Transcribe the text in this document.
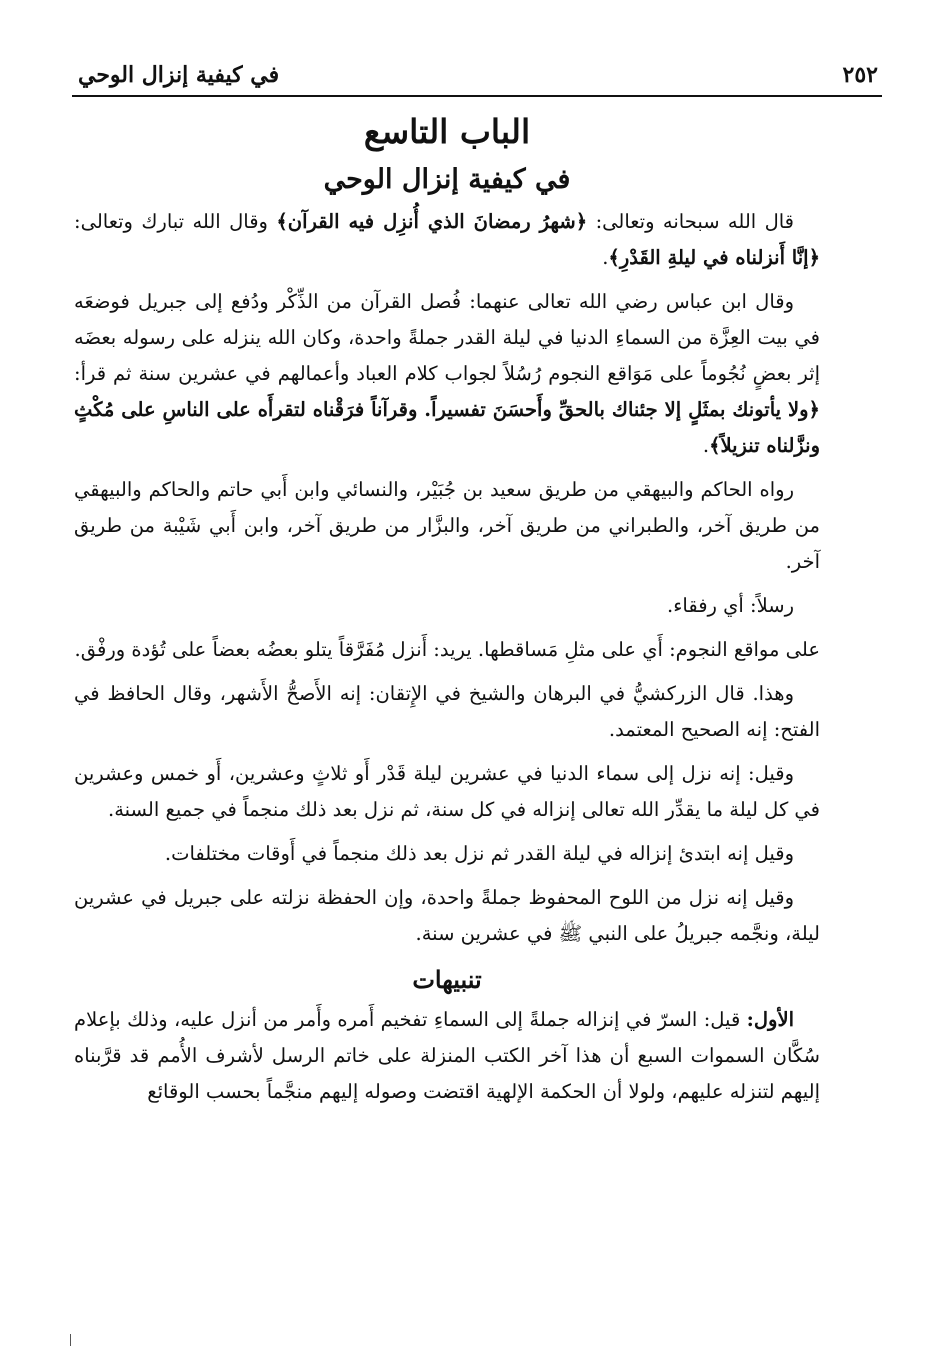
٢٥٢
في كيفية إنزال الوحي
الباب التاسع
في كيفية إنزال الوحي

قال الله سبحانه وتعالى: ﴿شهرُ رمضانَ الذي أُنزِل فيه القرآن﴾ وقال الله تبارك وتعالى: ﴿إنَّا أَنزلناه في ليلةِ القَدْرِ﴾.

وقال ابن عباس رضي الله تعالى عنهما: فُصل القرآن من الذِّكْر ودُفع إلى جبريل فوضعَه في بيت العِزَّة من السماءِ الدنيا في ليلة القدر جملةً واحدة، وكان الله ينزله على رسوله بعضَه إثر بعضٍ نُجُوماً على مَوَاقع النجوم رُسُلاً لجواب كلام العباد وأعمالهم في عشرين سنة ثم قرأ: ﴿ولا يأتونك بمثَلٍ إلا جئناك بالحقِّ وأَحسَنَ تفسيراً. وقرآناً فرَقْناه لتقرأَه على الناسِ على مُكْثٍ ونزَّلناه تنزيلاً﴾.

رواه الحاكم والبيهقي من طريق سعيد بن جُبَيْر، والنسائي وابن أَبي حاتم والحاكم والبيهقي من طريق آخر، والطبراني من طريق آخر، والبزَّار من طريق آخر، وابن أَبي شَيْبة من طريق آخر.

رسلاً: أي رفقاء.

على مواقع النجوم: أَي على مثلِ مَساقطها. يريد: أَنزل مُفَرَّقاً يتلو بعضُه بعضاً على تُؤدة ورفْق.

وهذا. قال الزركشيُّ في البرهان والشيخ في الإِتقان: إنه الأَصحُّ الأَشهر، وقال الحافظ في الفتح: إنه الصحيح المعتمد.

وقيل: إنه نزل إلى سماء الدنيا في عشرين ليلة قَدْر أَو ثلاثٍ وعشرين، أَو خمس وعشرين في كل ليلة ما يقدِّر الله تعالى إنزاله في كل سنة، ثم نزل بعد ذلك منجماً في جميع السنة.

وقيل إنه ابتدئ إنزاله في ليلة القدر ثم نزل بعد ذلك منجماً في أَوقات مختلفات.

وقيل إنه نزل من اللوح المحفوظ جملةً واحدة، وإن الحفظة نزلته على جبريل في عشرين ليلة، ونجَّمه جبريلُ على النبي ﷺ في عشرين سنة.

تنبيهات

الأول: قيل: السرّ في إنزاله جملةً إلى السماءِ تفخيم أَمره وأَمر من أنزل عليه، وذلك بإعلام سُكَّان السموات السبع أن هذا آخر الكتب المنزلة على خاتم الرسل لأشرف الأُمم قد قرَّبناه إليهم لتنزله عليهم، ولولا أن الحكمة الإلهية اقتضت وصوله إليهم منجَّماً بحسب الوقائع
